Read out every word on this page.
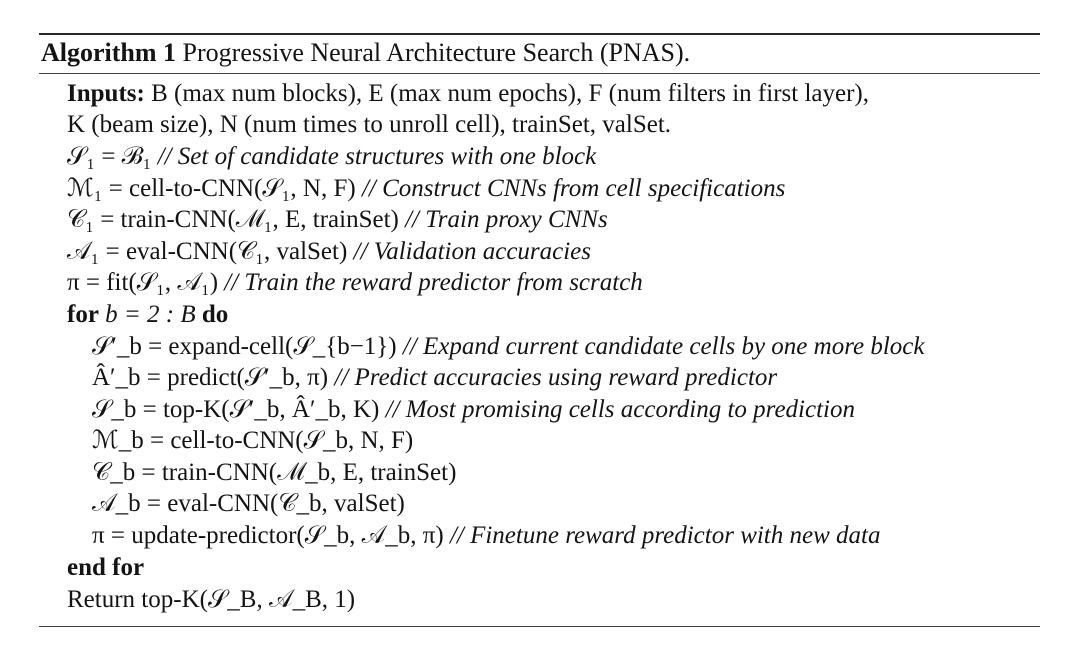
Algorithm 1 Progressive Neural Architecture Search (PNAS).
Inputs: B (max num blocks), E (max num epochs), F (num filters in first layer),
K (beam size), N (num times to unroll cell), trainSet, valSet.
𝒮₁ = ℬ₁ // Set of candidate structures with one block
ℳ₁ = cell-to-CNN(𝒮₁, N, F) // Construct CNNs from cell specifications
𝒞₁ = train-CNN(ℳ₁, E, trainSet) // Train proxy CNNs
𝒜₁ = eval-CNN(𝒞₁, valSet) // Validation accuracies
π = fit(𝒮₁, 𝒜₁) // Train the reward predictor from scratch
for b = 2 : B do
𝒮′_b = expand-cell(𝒮_{b−1}) // Expand current candidate cells by one more block
Â′_b = predict(𝒮′_b, π) // Predict accuracies using reward predictor
𝒮_b = top-K(𝒮′_b, Â′_b, K) // Most promising cells according to prediction
ℳ_b = cell-to-CNN(𝒮_b, N, F)
𝒞_b = train-CNN(ℳ_b, E, trainSet)
𝒜_b = eval-CNN(𝒞_b, valSet)
π = update-predictor(𝒮_b, 𝒜_b, π) // Finetune reward predictor with new data
end for
Return top-K(𝒮_B, 𝒜_B, 1)
